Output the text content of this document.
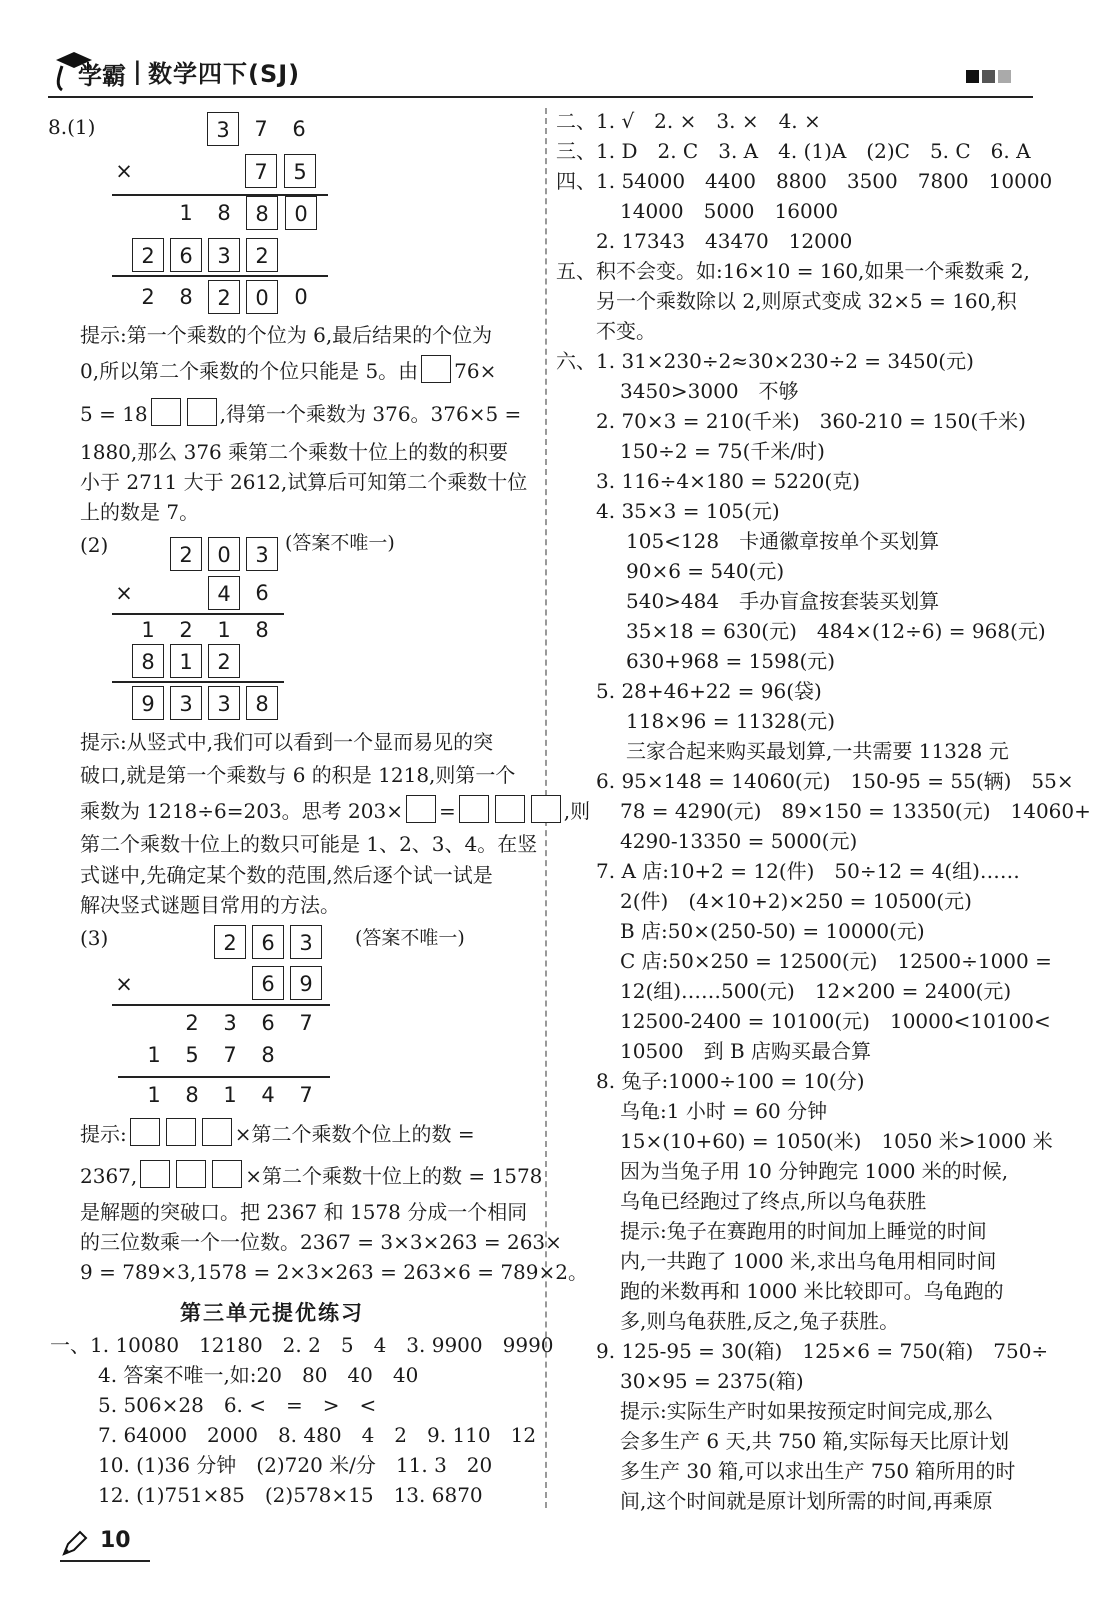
学霸 | 数学四下(SJ)
8.(1)	3	7	6
×	7	5
1	8	8	0
2	6	3	2
2	8	2	0	0
提示:第一个乘数的个位为 6,最后结果的个位为
0,所以第二个乘数的个位只能是 5。由 76×
5 = 18	,得第一个乘数为 376。376×5 =
1880,那么 376 乘第二个乘数十位上的数的积要
小于 2711 大于 2612,试算后可知第二个乘数十位
上的数是 7。
(2)	(答案不唯一)
2	0	3
×	4	6
1	2	1	8
8	1	2
9	3	3	8
提示:从竖式中,我们可以看到一个显而易见的突
破口,就是第一个乘数与 6 的积是 1218,则第一个
乘数为 1218÷6=203。思考 203× =	,则
第二个乘数十位上的数只可能是 1、2、3、4。在竖
式谜中,先确定某个数的范围,然后逐个试一试是
解决竖式谜题目常用的方法。
(3)	(答案不唯一)
2	6	3
×	6	9
2	3	6	7
1	5	7	8
1	8	1	4	7
提示:	×第二个乘数个位上的数 =
2367,	×第二个乘数十位上的数 = 1578
是解题的突破口。把 2367 和 1578 分成一个相同
的三位数乘一个一位数。2367 = 3×3×263 = 263×
9 = 789×3,1578 = 2×3×263 = 263×6 = 789×2。
第三单元提优练习
一、1. 10080　12180　2. 2　5　4　3. 9900　9990
4. 答案不唯一,如:20　80　40　40
5. 506×28　6. <　=　>　<
7. 64000　2000　8. 480　4　2　9. 110　12
10. (1)36 分钟　(2)720 米/分　11. 3　20
12. (1)751×85　(2)578×15　13. 6870
10
二、1. √　2. ×　3. ×　4. ×
三、1. D　2. C　3. A　4. (1)A　(2)C　5. C　6. A
四、1. 54000　4400　8800　3500　7800　10000
14000　5000　16000
2. 17343　43470　12000
五、积不会变。如:16×10 = 160,如果一个乘数乘 2,
另一个乘数除以 2,则原式变成 32×5 = 160,积
不变。
六、1. 31×230÷2≈30×230÷2 = 3450(元)
3450>3000　不够
2. 70×3 = 210(千米)　360-210 = 150(千米)
150÷2 = 75(千米/时)
3. 116÷4×180 = 5220(克)
4. 35×3 = 105(元)
105<128　卡通徽章按单个买划算
90×6 = 540(元)
540>484　手办盲盒按套装买划算
35×18 = 630(元)　484×(12÷6) = 968(元)
630+968 = 1598(元)
5. 28+46+22 = 96(袋)
118×96 = 11328(元)
三家合起来购买最划算,一共需要 11328 元
6. 95×148 = 14060(元)　150-95 = 55(辆)　55×
78 = 4290(元)　89×150 = 13350(元)　14060+
4290-13350 = 5000(元)
7. A 店:10+2 = 12(件)　50÷12 = 4(组)……
2(件)　(4×10+2)×250 = 10500(元)
B 店:50×(250-50) = 10000(元)
C 店:50×250 = 12500(元)　12500÷1000 =
12(组)……500(元)　12×200 = 2400(元)
12500-2400 = 10100(元)　10000<10100<
10500　到 B 店购买最合算
8. 兔子:1000÷100 = 10(分)
乌龟:1 小时 = 60 分钟
15×(10+60) = 1050(米)　1050 米>1000 米
因为当兔子用 10 分钟跑完 1000 米的时候,
乌龟已经跑过了终点,所以乌龟获胜
提示:兔子在赛跑用的时间加上睡觉的时间
内,一共跑了 1000 米,求出乌龟用相同时间
跑的米数再和 1000 米比较即可。乌龟跑的
多,则乌龟获胜,反之,兔子获胜。
9. 125-95 = 30(箱)　125×6 = 750(箱)　750÷
30×95 = 2375(箱)
提示:实际生产时如果按预定时间完成,那么
会多生产 6 天,共 750 箱,实际每天比原计划
多生产 30 箱,可以求出生产 750 箱所用的时
间,这个时间就是原计划所需的时间,再乘原
